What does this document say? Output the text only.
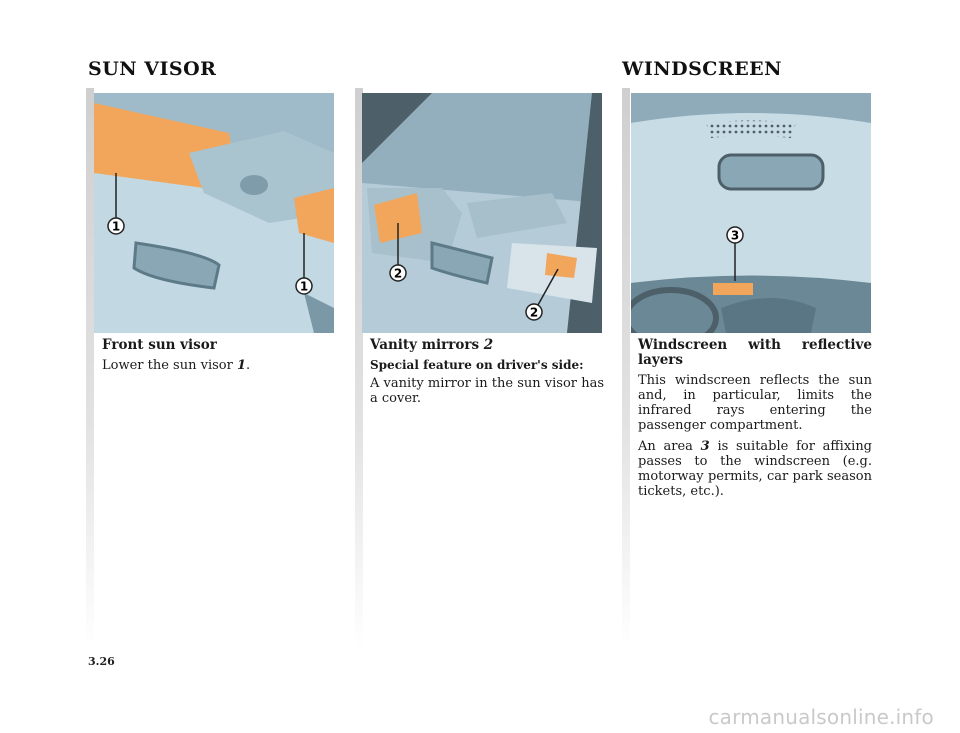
SUN VISOR	WINDSCREEN
1
1
2
2
3

Front sun visor

Lower the sun visor 1.

Vanity mirrors 2

Special feature on driver's side:

A vanity mirror in the sun visor has a cover.

Windscreen with reflective

layers

This windscreen reflects the sun and, in particular, limits the infrared rays entering the passenger compartment.

An area 3 is suitable for affixing passes to the windscreen (e.g. motorway permits, car park season tickets, etc.).

3.26
carmanualsonline.info
